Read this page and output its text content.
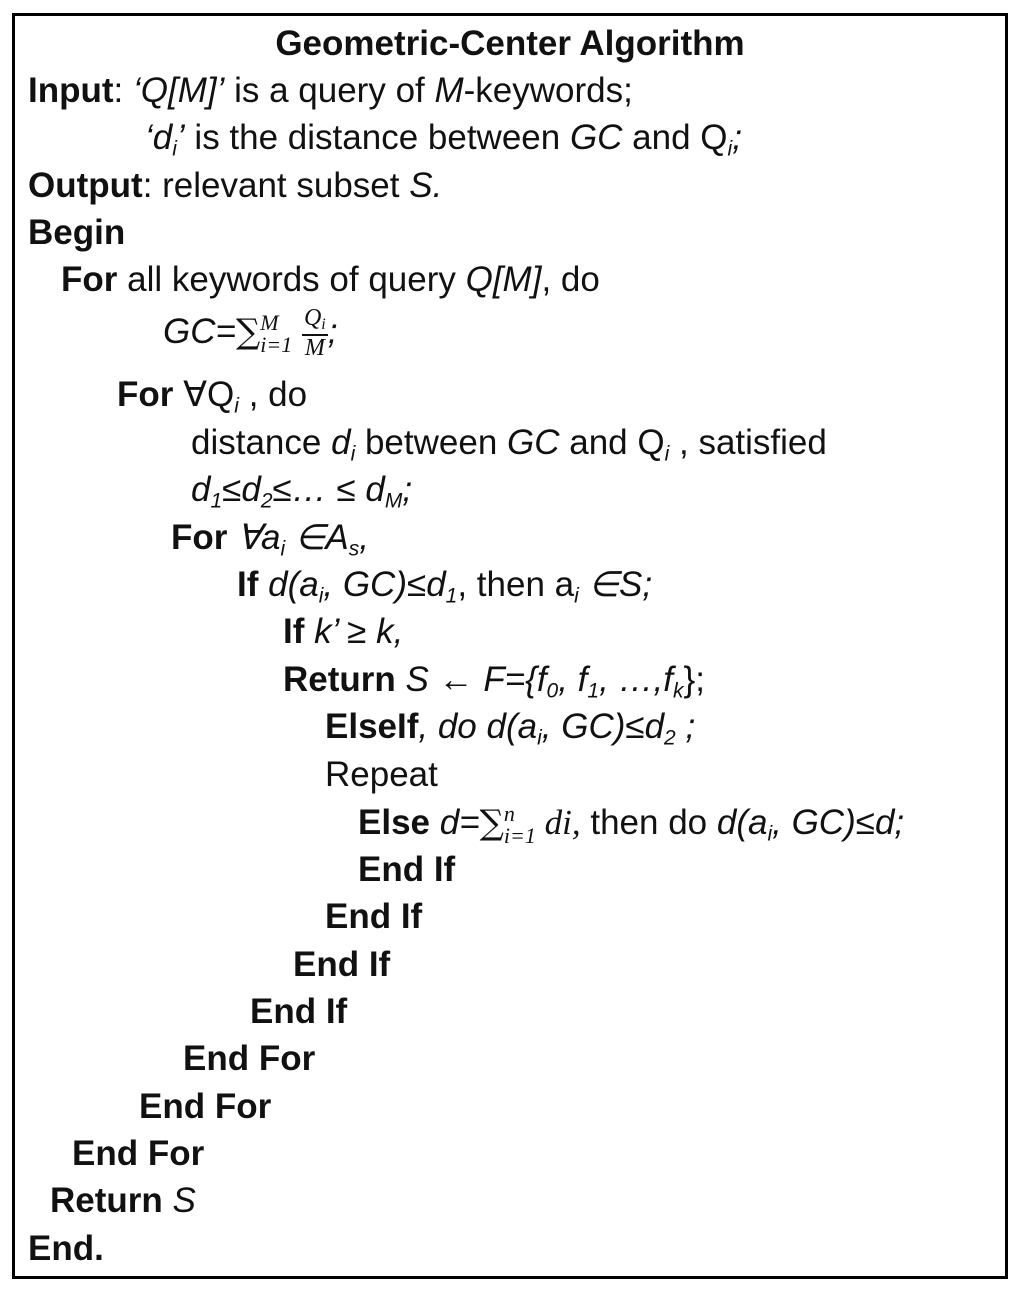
Geometric-Center Algorithm
Input: ‘Q[M]’ is a query of M-keywords;
‘$d_i$’ is the distance between GC and $Q_i$;
Output: relevant subset S.
Begin
For all keywords of query Q[M], do
GC=∑ M
i=1
$\frac{Qi}{M}$ ;
For $\forall Q_i$ , do
distance $d_i$ between GC and $Q_i$ , satisfied
$d_1\le d_2\le\dots \le d_M$;
For $\forall a_i$ $\in A_s$,
If $d(a_i$, $GC)\le d_1$, then $a_i$ ∈S;
If k’ ≥ k,
Return S ← $F=\{f_0$, $f_1$, $\dots,f_k$};
ElseIf, do $d(a_i$, $GC)\le d_2$ ;
Repeat
Else d=∑ n
i=1 di, then do $d(a_i$, GC)≤d;
End If
End If
End If
End If
End For
End For
End For
Return S
End.
